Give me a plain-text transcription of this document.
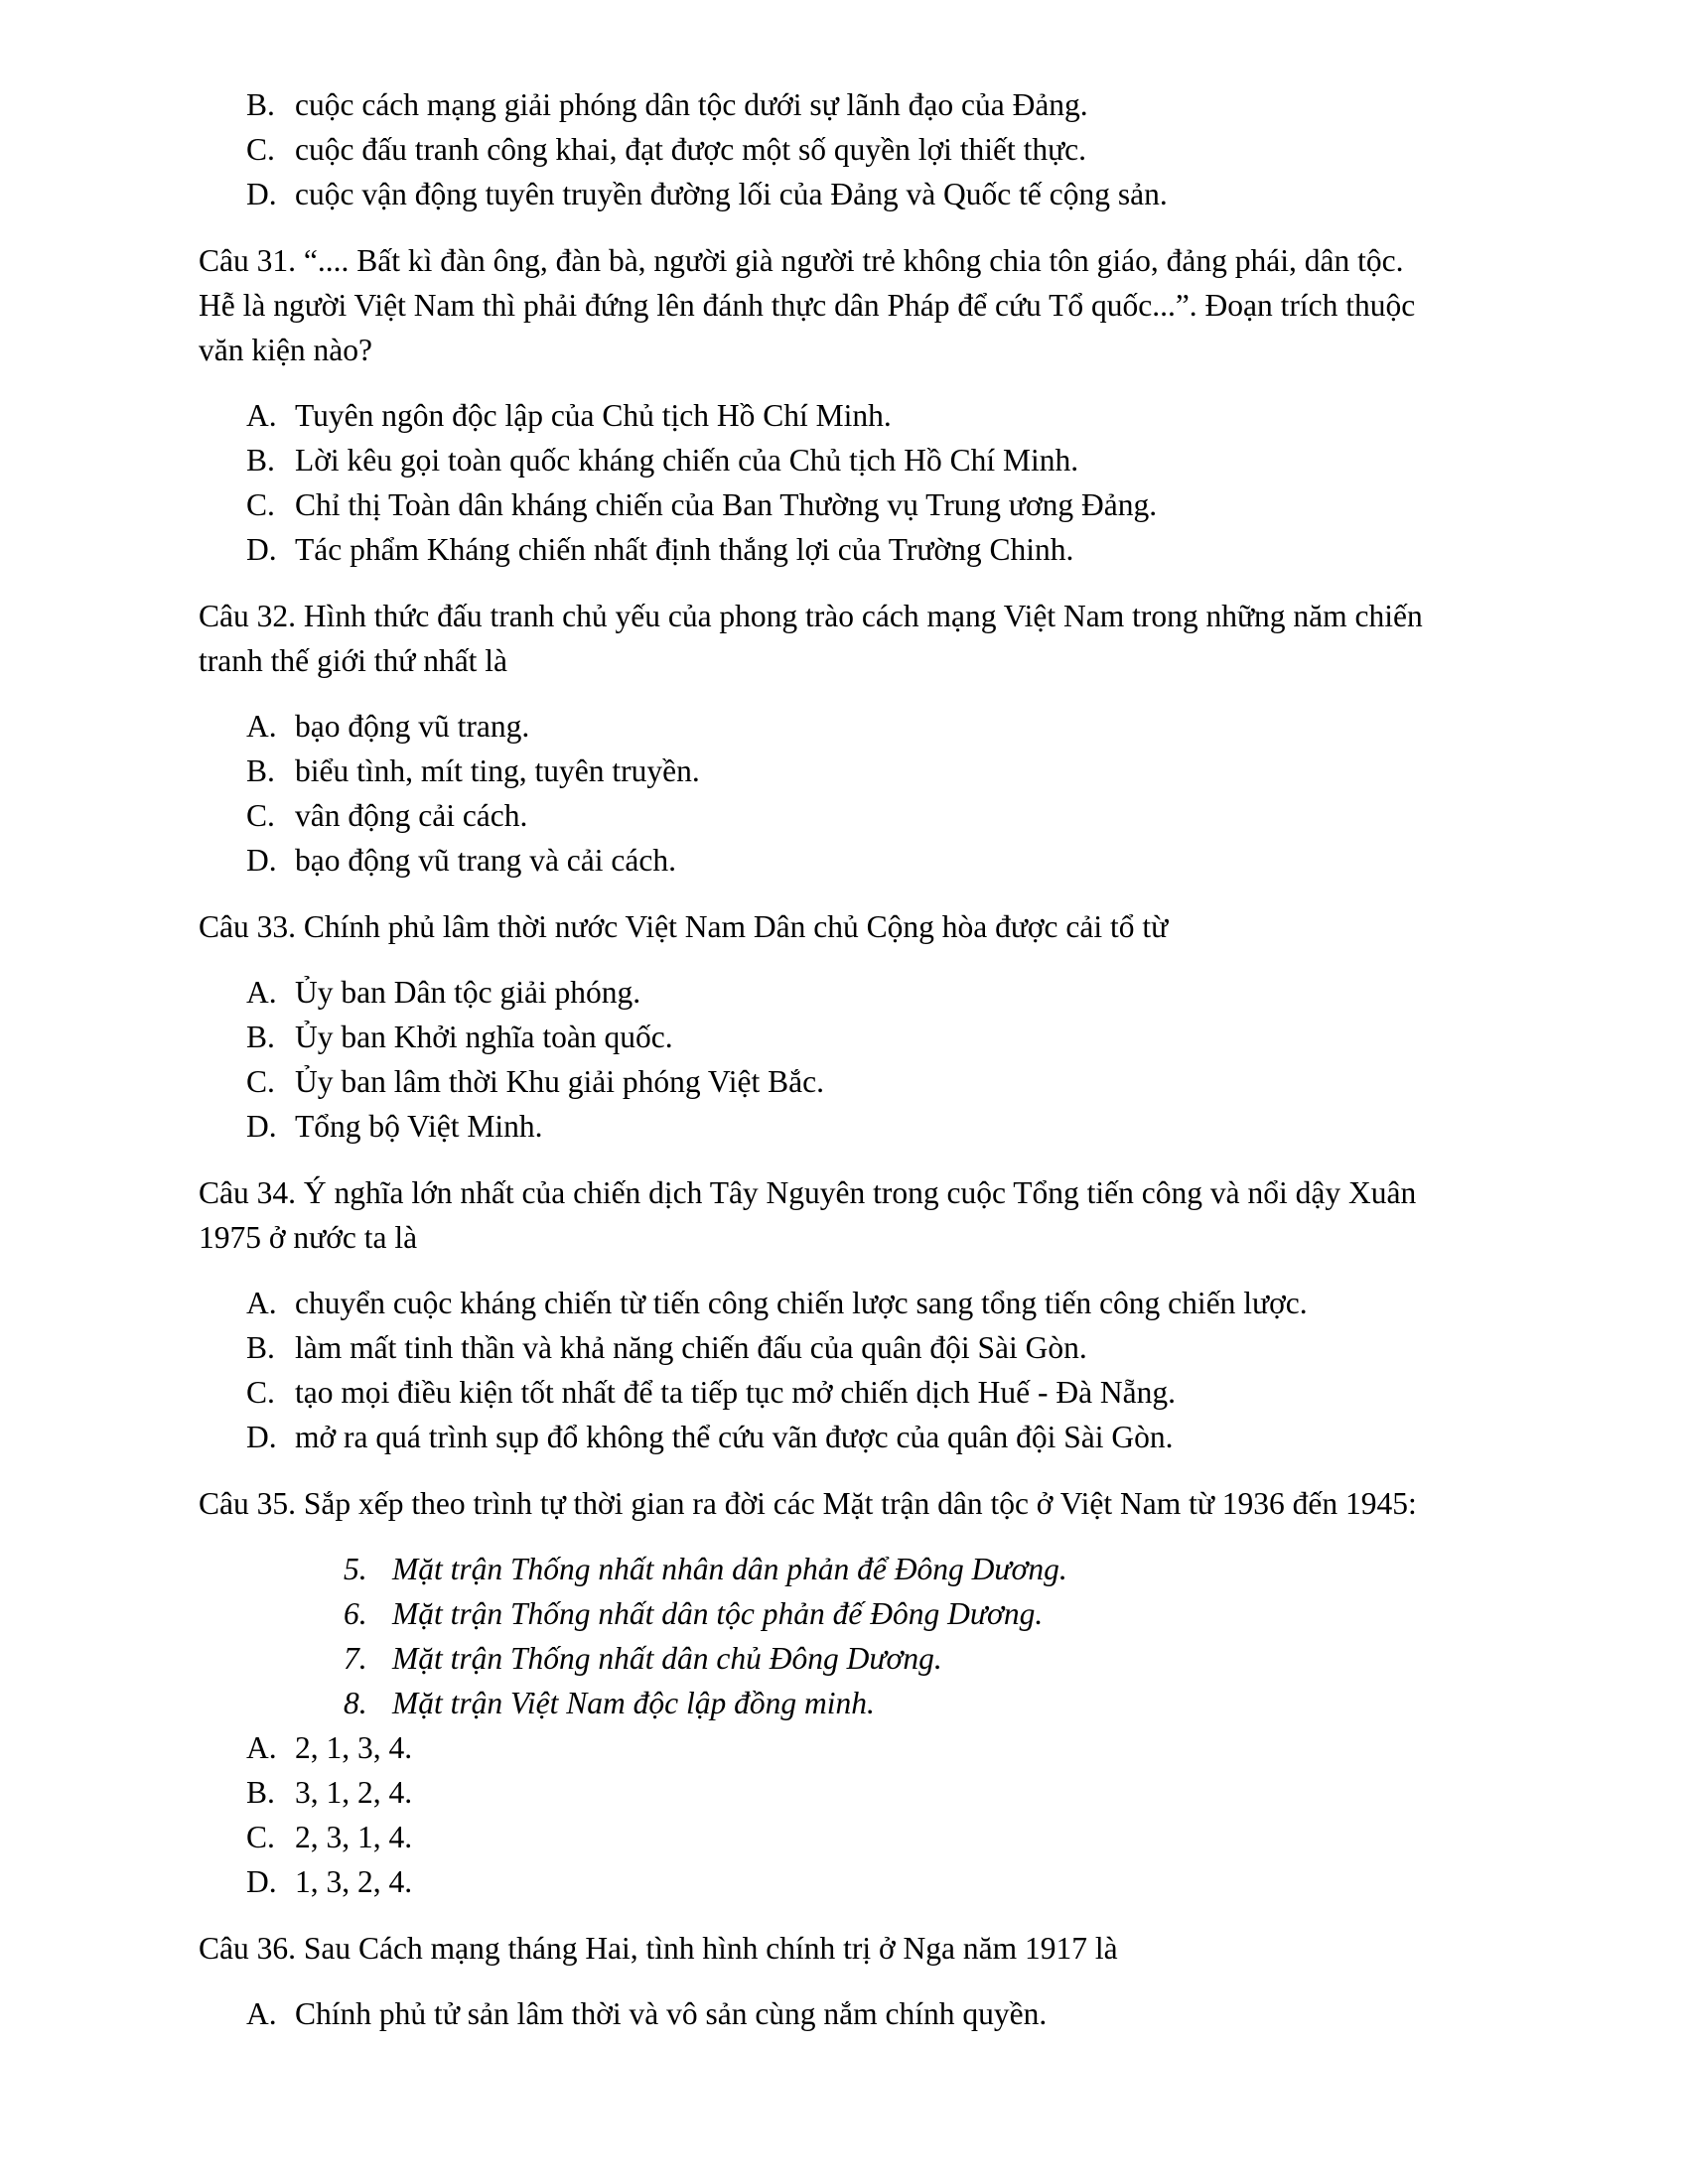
B. cuộc cách mạng giải phóng dân tộc dưới sự lãnh đạo của Đảng.
C. cuộc đấu tranh công khai, đạt được một số quyền lợi thiết thực.
D. cuộc vận động tuyên truyền đường lối của Đảng và Quốc tế cộng sản.
Câu 31. “.... Bất kì đàn ông, đàn bà, người già người trẻ không chia tôn giáo, đảng phái, dân tộc.
Hễ là người Việt Nam thì phải đứng lên đánh thực dân Pháp để cứu Tổ quốc...”. Đoạn trích thuộc
văn kiện nào?
A. Tuyên ngôn độc lập của Chủ tịch Hồ Chí Minh.
B. Lời kêu gọi toàn quốc kháng chiến của Chủ tịch Hồ Chí Minh.
C. Chỉ thị Toàn dân kháng chiến của Ban Thường vụ Trung ương Đảng.
D. Tác phẩm Kháng chiến nhất định thắng lợi của Trường Chinh.
Câu 32. Hình thức đấu tranh chủ yếu của phong trào cách mạng Việt Nam trong những năm chiến
tranh thế giới thứ nhất là
A. bạo động vũ trang.
B. biểu tình, mít ting, tuyên truyền.
C. vân động cải cách.
D. bạo động vũ trang và cải cách.
Câu 33. Chính phủ lâm thời nước Việt Nam Dân chủ Cộng hòa được cải tổ từ
A. Ủy ban Dân tộc giải phóng.
B. Ủy ban Khởi nghĩa toàn quốc.
C. Ủy ban lâm thời Khu giải phóng Việt Bắc.
D. Tổng bộ Việt Minh.
Câu 34. Ý nghĩa lớn nhất của chiến dịch Tây Nguyên trong cuộc Tổng tiến công và nổi dậy Xuân
1975 ở nước ta là
A. chuyển cuộc kháng chiến từ tiến công chiến lược sang tổng tiến công chiến lược.
B. làm mất tinh thần và khả năng chiến đấu của quân đội Sài Gòn.
C. tạo mọi điều kiện tốt nhất để ta tiếp tục mở chiến dịch Huế - Đà Nẵng.
D. mở ra quá trình sụp đổ không thể cứu vãn được của quân đội Sài Gòn.
Câu 35. Sắp xếp theo trình tự thời gian ra đời các Mặt trận dân tộc ở Việt Nam từ 1936 đến 1945:
5. Mặt trận Thống nhất nhân dân phản để Đông Dương.
6. Mặt trận Thống nhất dân tộc phản đế Đông Dương.
7. Mặt trận Thống nhất dân chủ Đông Dương.
8. Mặt trận Việt Nam độc lập đồng minh.
A. 2, 1, 3, 4.
B. 3, 1, 2, 4.
C. 2, 3, 1, 4.
D. 1, 3, 2, 4.
Câu 36. Sau Cách mạng tháng Hai, tình hình chính trị ở Nga năm 1917 là
A. Chính phủ tử sản lâm thời và vô sản cùng nắm chính quyền.
